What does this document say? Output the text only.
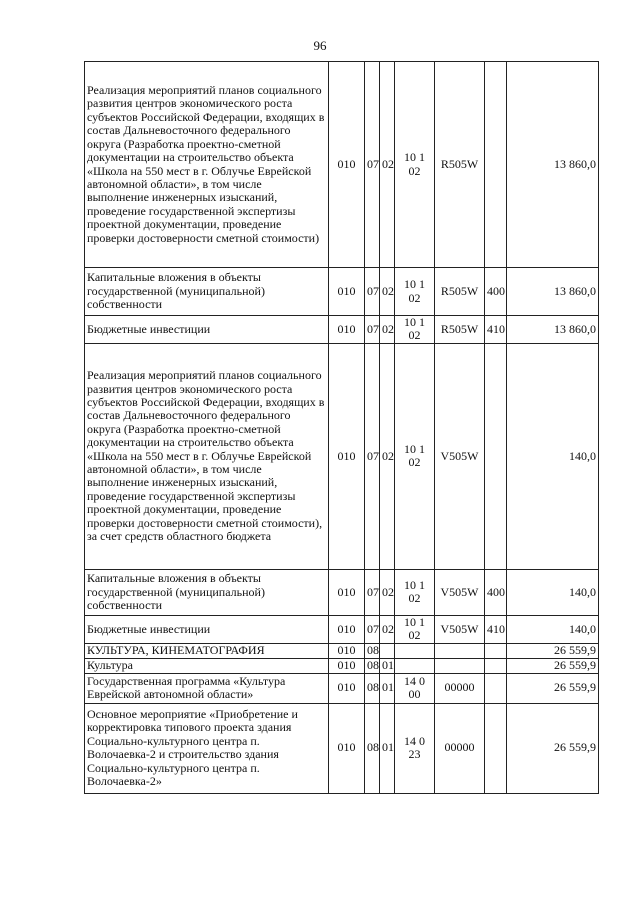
96
Реализация мероприятий планов социального развития центров экономического роста субъектов Российской Федерации, входящих в состав Дальневосточного федерального округа (Разработка проектно-сметной документации на строительство объекта «Школа на 550 мест в г. Облучье Еврейской автономной области», в том числе выполнение инженерных изысканий, проведение государственной экспертизы проектной документации, проведение проверки достоверности сметной стоимости)	010	07	02	10 1 02	R505W		13 860,0
Капитальные вложения в объекты государственной (муниципальной) собственности	010	07	02	10 1 02	R505W	400	13 860,0
Бюджетные инвестиции	010	07	02	10 1 02	R505W	410	13 860,0
Реализация мероприятий планов социального развития центров экономического роста субъектов Российской Федерации, входящих в состав Дальневосточного федерального округа (Разработка проектно-сметной документации на строительство объекта «Школа на 550 мест в г. Облучье Еврейской автономной области», в том числе выполнение инженерных изысканий, проведение государственной экспертизы проектной документации, проведение проверки достоверности сметной стоимости), за счет средств областного бюджета	010	07	02	10 1 02	V505W		140,0
Капитальные вложения в объекты государственной (муниципальной) собственности	010	07	02	10 1 02	V505W	400	140,0
Бюджетные инвестиции	010	07	02	10 1 02	V505W	410	140,0
КУЛЬТУРА, КИНЕМАТОГРАФИЯ	010	08					26 559,9
Культура	010	08	01				26 559,9
Государственная программа «Культура Еврейской автономной области»	010	08	01	14 0 00	00000		26 559,9
Основное мероприятие «Приобретение и корректировка типового проекта здания Социально-культурного центра п. Волочаевка-2 и строительство здания Социально-культурного центра п. Волочаевка-2»	010	08	01	14 0 23	00000		26 559,9
